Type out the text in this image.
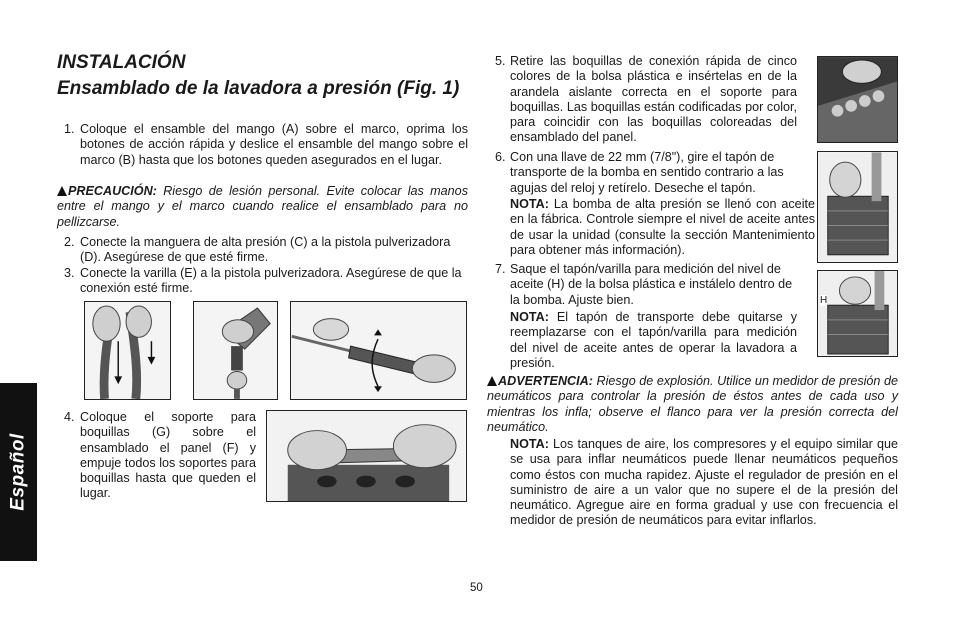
Español
INSTALACIÓN
Ensamblado de la lavadora a presión (Fig. 1)
1. Coloque el ensamble del mango (A) sobre el marco, oprima los botones de acción rápida y deslice el ensamble del mango sobre el marco (B) hasta que los botones queden asegurados en el lugar.
PRECAUCIÓN: Riesgo de lesión personal. Evite colocar las manos entre el mango y el marco cuando realice el ensamblado para no pellizcarse.
2. Conecte la manguera de alta presión (C) a la pistola pulverizadora (D). Asegúrese de que esté firme.
3. Conecte la varilla (E) a la pistola pulverizadora. Asegúrese de que la conexión esté firme.
4. Coloque el soporte para boquillas (G) sobre el ensamblado el panel (F) y empuje todos los soportes para boquillas hasta que queden el lugar.
5. Retire las boquillas de conexión rápida de cinco colores de la bolsa plástica e insértelas en de la arandela aislante correcta en el soporte para boquillas. Las boquillas están codificadas por color, para coincidir con las boquillas coloreadas del ensamblado del panel.
6. Con una llave de 22 mm (7/8"), gire el tapón de transporte de la bomba en sentido contrario a las agujas del reloj y retírelo. Deseche el tapón.
NOTA: La bomba de alta presión se llenó con aceite en la fábrica. Controle siempre el nivel de aceite antes de usar la unidad (consulte la sección Mantenimiento para obtener más información).
7. Saque el tapón/varilla para medición del nivel de aceite (H) de la bolsa plástica e instálelo dentro de la bomba. Ajuste bien.
NOTA: El tapón de transporte debe quitarse y reemplazarse con el tapón/varilla para medición del nivel de aceite antes de operar la lavadora a presión.
ADVERTENCIA: Riesgo de explosión. Utilice un medidor de presión de neumáticos para controlar la presión de éstos antes de cada uso y mientras los infla; observe el flanco para ver la presión correcta del neumático.
NOTA: Los tanques de aire, los compresores y el equipo similar que se usa para inflar neumáticos puede llenar neumáticos pequeños como éstos con mucha rapidez. Ajuste el regulador de presión en el suministro de aire a un valor que no supere el de la presión del neumático. Agregue aire en forma gradual y use con frecuencia el medidor de presión de neumáticos para evitar inflarlos.
H
50
